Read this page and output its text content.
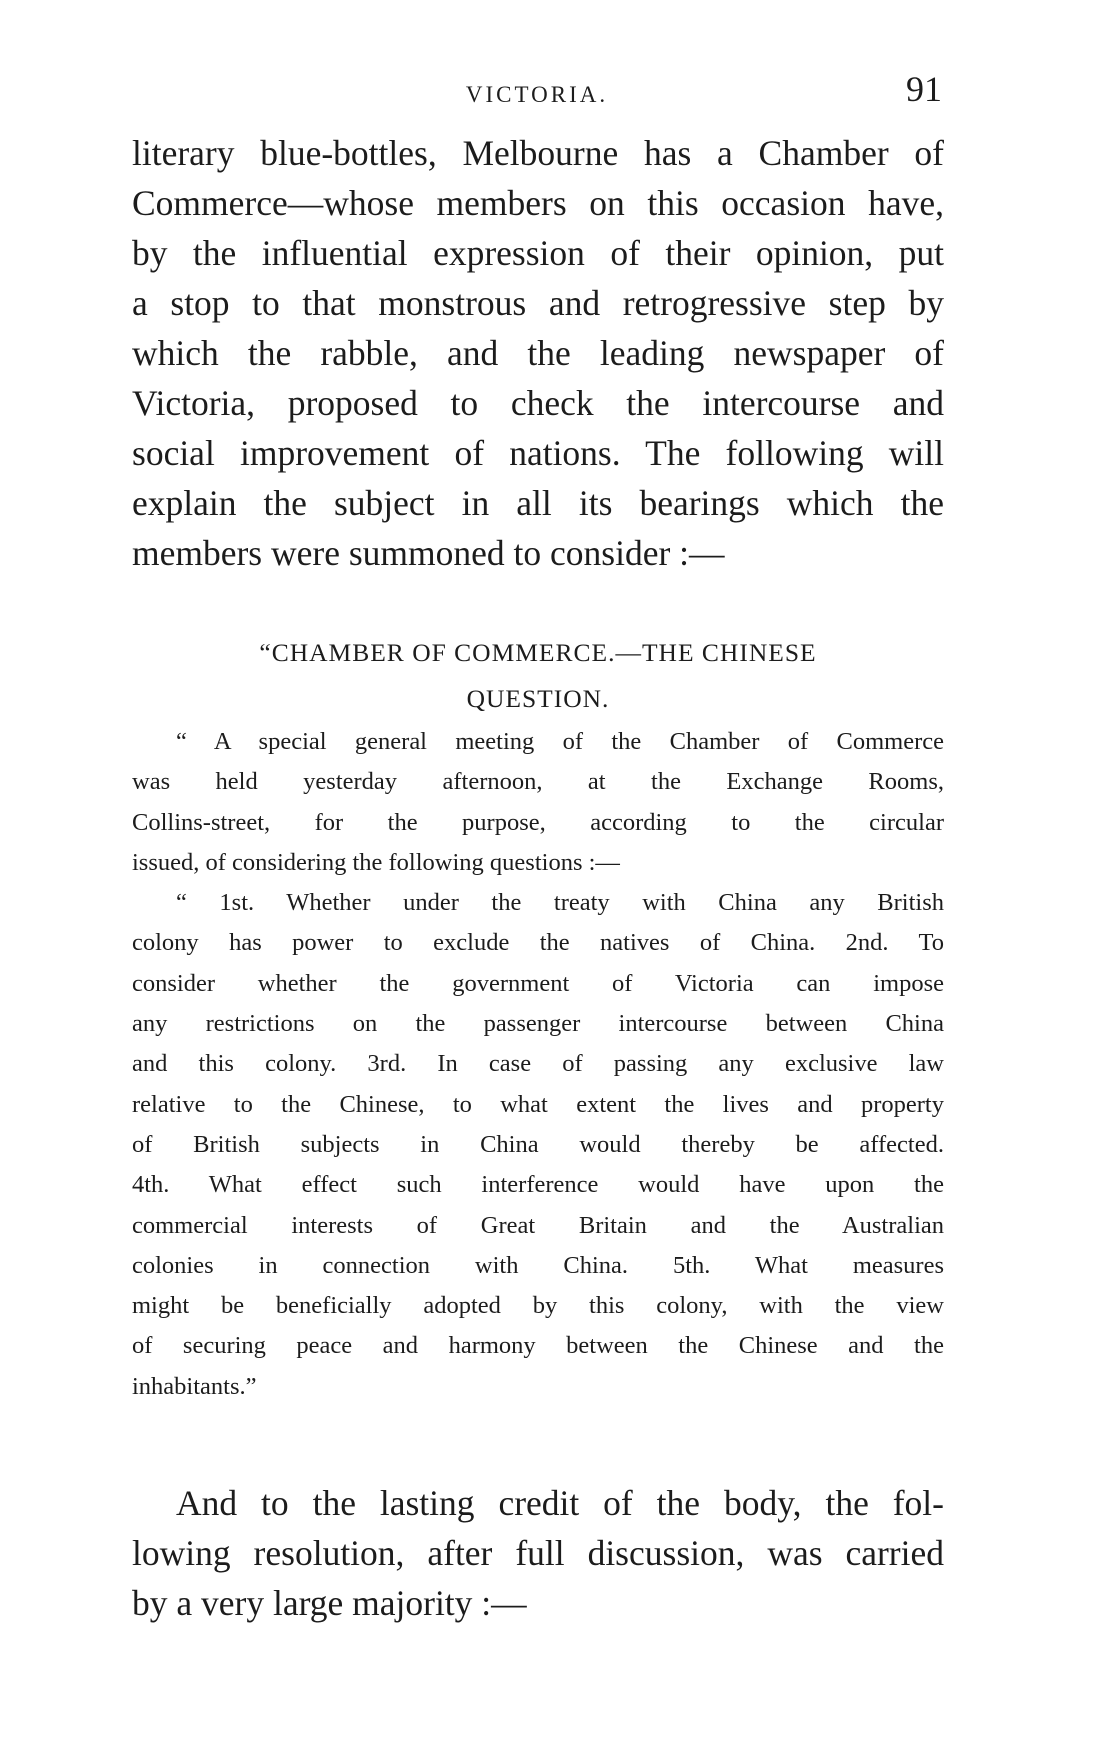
VICTORIA.	91
literary blue-bottles, Melbourne has a Chamber of
Commerce—whose members on this occasion have,
by the influential expression of their opinion, put
a stop to that monstrous and retrogressive step by
which the rabble, and the leading newspaper of
Victoria, proposed to check the intercourse and
social improvement of nations. The following will
explain the subject in all its bearings which the
members were summoned to consider :—
“CHAMBER OF COMMERCE.—THE CHINESE
QUESTION.
“ A special general meeting of the Chamber of Commerce
was held yesterday afternoon, at the Exchange Rooms,
Collins-street, for the purpose, according to the circular
issued, of considering the following questions :—
“ 1st. Whether under the treaty with China any British
colony has power to exclude the natives of China. 2nd. To
consider whether the government of Victoria can impose
any restrictions on the passenger intercourse between China
and this colony. 3rd. In case of passing any exclusive law
relative to the Chinese, to what extent the lives and property
of British subjects in China would thereby be affected.
4th. What effect such interference would have upon the
commercial interests of Great Britain and the Australian
colonies in connection with China. 5th. What measures
might be beneficially adopted by this colony, with the view
of securing peace and harmony between the Chinese and the
inhabitants.”
And to the lasting credit of the body, the fol-
lowing resolution, after full discussion, was carried
by a very large majority :—
